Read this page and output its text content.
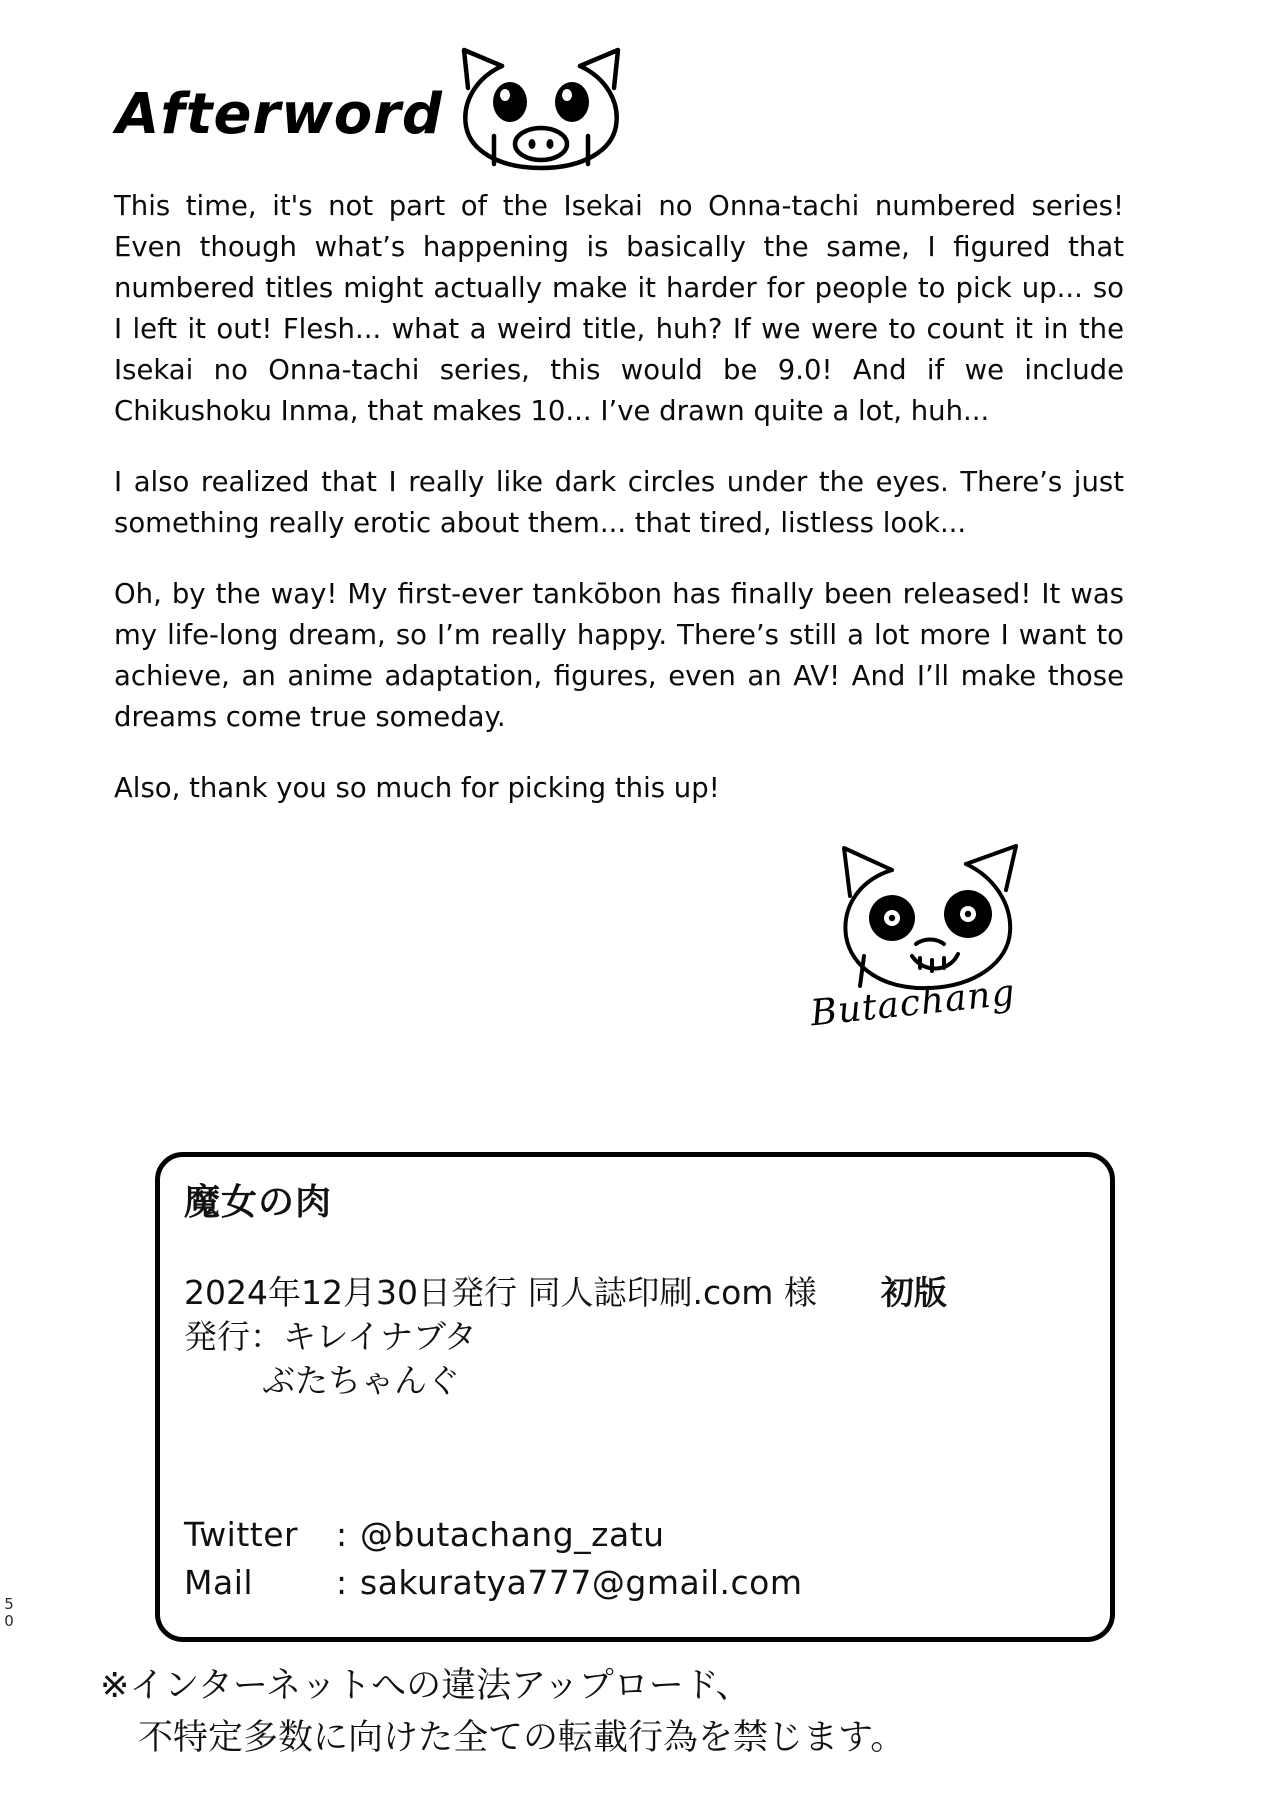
Afterword

This time, it's not part of the Isekai no Onna-tachi numbered series! Even though what’s happening is basically the same, I figured that numbered titles might actually make it harder for people to pick up... so I left it out! Flesh... what a weird title, huh? If we were to count it in the Isekai no Onna-tachi series, this would be 9.0! And if we include Chikushoku Inma, that makes 10... I’ve drawn quite a lot, huh...

I also realized that I really like dark circles under the eyes. There’s just something really erotic about them... that tired, listless look...

Oh, by the way! My first-ever tankōbon has finally been released! It was my life-long dream, so I’m really happy. There’s still a lot more I want to achieve, an anime adaptation, figures, even an AV! And I’ll make those dreams come true someday.

Also, thank you so much for picking this up!

Butachang
魔女の肉
2024年12月30日発行 同人誌印刷.com 様 初版
発行：キレイナブタ
ぶたちゃんぐ
Twitter	: @butachang_zatu
Mail	: sakuratya777@gmail.com
※インターネットへの違法アップロード、
不特定多数に向けた全ての転載行為を禁じます。
50
